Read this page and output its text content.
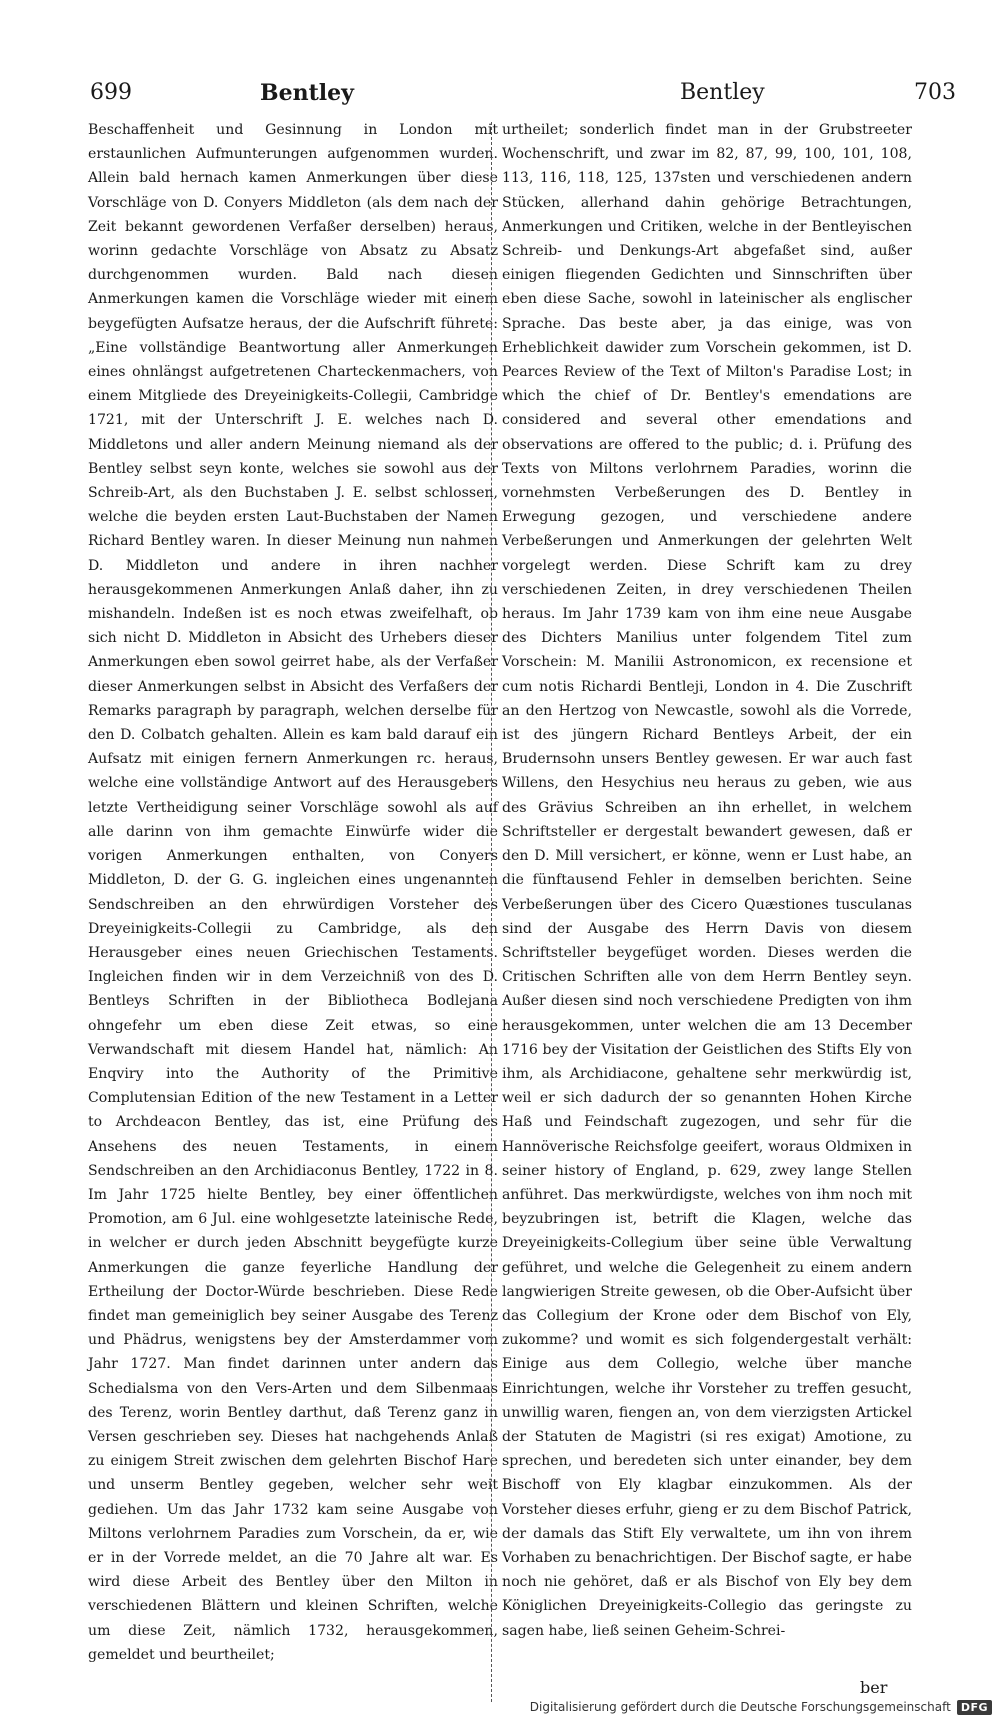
699	Bentley	Bentley	703

Beschaffenheit und Gesinnung in London mit erstaunlichen Aufmunterungen aufgenommen wurden. Allein bald hernach kamen Anmerkungen über diese Vorschläge von D. Conyers Middleton (als dem nach der Zeit bekannt gewordenen Verfaßer derselben) heraus, worinn gedachte Vorschläge von Absatz zu Absatz durchgenommen wurden. Bald nach diesen Anmerkungen kamen die Vorschläge wieder mit einem beygefügten Aufsatze heraus, der die Aufschrift führete: „Eine vollständige Beantwortung aller Anmerkungen eines ohnlängst aufgetretenen Charteckenmachers, von einem Mitgliede des Dreyeinigkeits-Collegii, Cambridge 1721, mit der Unterschrift J. E. welches nach D. Middletons und aller andern Meinung niemand als der Bentley selbst seyn konte, welches sie sowohl aus der Schreib-Art, als den Buchstaben J. E. selbst schlossen, welche die beyden ersten Laut-Buchstaben der Namen Richard Bentley waren. In dieser Meinung nun nahmen D. Middleton und andere in ihren nachher herausgekommenen Anmerkungen Anlaß daher, ihn zu mishandeln. Indeßen ist es noch etwas zweifelhaft, ob sich nicht D. Middleton in Absicht des Urhebers dieser Anmerkungen eben sowol geirret habe, als der Verfaßer dieser Anmerkungen selbst in Absicht des Verfaßers der Remarks paragraph by paragraph, welchen derselbe für den D. Colbatch gehalten. Allein es kam bald darauf ein Aufsatz mit einigen fernern Anmerkungen rc. heraus, welche eine vollständige Antwort auf des Herausgebers letzte Vertheidigung seiner Vorschläge sowohl als auf alle darinn von ihm gemachte Einwürfe wider die vorigen Anmerkungen enthalten, von Conyers Middleton, D. der G. G. ingleichen eines ungenannten Sendschreiben an den ehrwürdigen Vorsteher des Dreyeinigkeits-Collegii zu Cambridge, als den Herausgeber eines neuen Griechischen Testaments. Ingleichen finden wir in dem Verzeichniß von des D. Bentleys Schriften in der Bibliotheca Bodlejana ohngefehr um eben diese Zeit etwas, so eine Verwandschaft mit diesem Handel hat, nämlich: An Enqvіry into the Authority of the Primitive Complutensian Edition of the new Testament in a Letter to Archdeacon Bentley, das ist, eine Prüfung des Ansehens des neuen Testaments, in einem Sendschreiben an den Archidiaconus Bentley, 1722 in 8. Im Jahr 1725 hielte Bentley, bey einer öffentlichen Promotion, am 6 Jul. eine wohlgesetzte lateinische Rede, in welcher er durch jeden Abschnitt beygefügte kurze Anmerkungen die ganze feyerliche Handlung der Ertheilung der Doctor-Würde beschrieben. Diese Rede findet man gemeiniglich bey seiner Ausgabe des Terenz und Phädrus, wenigstens bey der Amsterdammer vom Jahr 1727. Man findet darinnen unter andern das Schedialsma von den Vers-Arten und dem Silbenmaas des Terenz, worin Bentley darthut, daß Terenz ganz in Versen geschrieben sey. Dieses hat nachgehends Anlaß zu einigem Streit zwischen dem gelehrten Bischof Hare und unserm Bentley gegeben, welcher sehr weit gediehen. Um das Jahr 1732 kam seine Ausgabe von Miltons verlohrnem Paradies zum Vorschein, da er, wie er in der Vorrede meldet, an die 70 Jahre alt war. Es wird diese Arbeit des Bentley über den Milton in verschiedenen Blättern und kleinen Schriften, welche um diese Zeit, nämlich 1732, herausgekommen, gemeldet und beurtheilet;

urtheilet; sonderlich findet man in der Grubstreeter Wochenschrift, und zwar im 82, 87, 99, 100, 101, 108, 113, 116, 118, 125, 137sten und verschiedenen andern Stücken, allerhand dahin gehörige Betrachtungen, Anmerkungen und Critiken, welche in der Bentleyischen Schreib- und Denkungs-Art abgefaßet sind, außer einigen fliegenden Gedichten und Sinnschriften über eben diese Sache, sowohl in lateinischer als englischer Sprache. Das beste aber, ja das einige, was von Erheblichkeit dawider zum Vorschein gekommen, ist D. Pearces Review of the Text of Milton's Paradise Lost; in which the chief of Dr. Bentley's emendations are considered and several other emendations and observations are offered to the public; d. i. Prüfung des Texts von Miltons verlohrnem Paradies, worinn die vornehmsten Verbeßerungen des D. Bentley in Erwegung gezogen, und verschiedene andere Verbeßerungen und Anmerkungen der gelehrten Welt vorgelegt werden. Diese Schrift kam zu drey verschiedenen Zeiten, in drey verschiedenen Theilen heraus. Im Jahr 1739 kam von ihm eine neue Ausgabe des Dichters Manilius unter folgendem Titel zum Vorschein: M. Manilii Astronomicon, ex recensione et cum notis Richardi Bentleji, London in 4. Die Zuschrift an den Hertzog von Newcastle, sowohl als die Vorrede, ist des jüngern Richard Bentleys Arbeit, der ein Brudernsohn unsers Bentley gewesen. Er war auch fast Willens, den Hesychius neu heraus zu geben, wie aus des Grävius Schreiben an ihn erhellet, in welchem Schriftsteller er dergestalt bewandert gewesen, daß er den D. Mill versichert, er könne, wenn er Lust habe, an die fünftausend Fehler in demselben berichten. Seine Verbeßerungen über des Cicero Quæstiones tusculanas sind der Ausgabe des Herrn Davis von diesem Schriftsteller beygefüget worden. Dieses werden die Critischen Schriften alle von dem Herrn Bentley seyn. Außer diesen sind noch verschiedene Predigten von ihm herausgekommen, unter welchen die am 13 December 1716 bey der Visitation der Geistlichen des Stifts Ely von ihm, als Archidiacone, gehaltene sehr merkwürdig ist, weil er sich dadurch der so genannten Hohen Kirche Haß und Feindschaft zugezogen, und sehr für die Hannöverische Reichsfolge geeifert, woraus Oldmixen in seiner history of England, p. 629, zwey lange Stellen anführet. Das merkwürdigste, welches von ihm noch mit beyzubringen ist, betrift die Klagen, welche das Dreyeinigkeits-Collegium über seine üble Verwaltung geführet, und welche die Gelegenheit zu einem andern langwierigen Streite gewesen, ob die Ober-Aufsicht über das Collegium der Krone oder dem Bischof von Ely, zukomme? und womit es sich folgendergestalt verhält: Einige aus dem Collegio, welche über manche Einrichtungen, welche ihr Vorsteher zu treffen gesucht, unwillig waren, fiengen an, von dem vierzigsten Artickel der Statuten de Magistri (si res exigat) Amotione, zu sprechen, und beredeten sich unter einander, bey dem Bischoff von Ely klagbar einzukommen. Als der Vorsteher dieses erfuhr, gieng er zu dem Bischof Patrick, der damals das Stift Ely verwaltete, um ihn von ihrem Vorhaben zu benachrichtigen. Der Bischof sagte, er habe noch nie gehöret, daß er als Bischof von Ely bey dem Königlichen Dreyeinigkeits-Collegio das geringste zu sagen habe, ließ seinen Geheim-Schrei-

ber
Digitalisierung gefördert durch die Deutsche Forschungsgemeinschaft DFG
